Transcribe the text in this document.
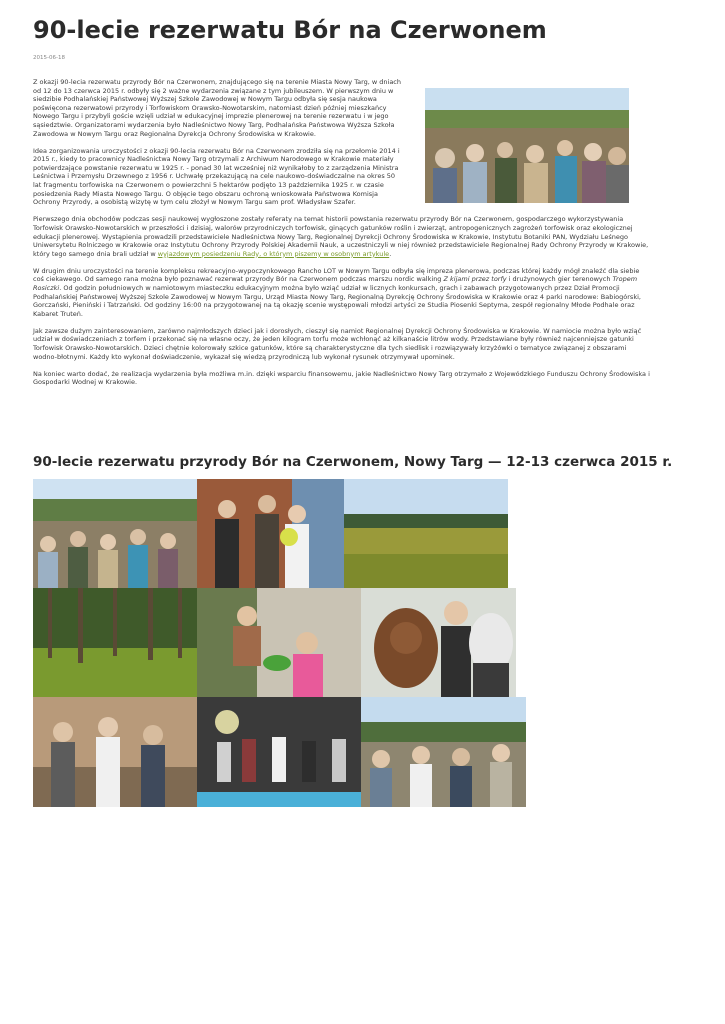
90-lecie rezerwatu Bór na Czerwonem
2015-06-18

Z okazji 90-lecia rezerwatu przyrody Bór na Czerwonem, znajdującego się na terenie Miasta Nowy Targ, w dniach od 12 do 13 czerwca 2015 r. odbyły się 2 ważne wydarzenia związane z tym jubileuszem. W pierwszym dniu w siedzibie Podhalańskiej Państwowej Wyższej Szkole Zawodowej w Nowym Targu odbyła się sesja naukowa poświęcona rezerwatowi przyrody i Torfowiskom Orawsko-Nowotarskim, natomiast dzień później mieszkańcy Nowego Targu i przybyli goście wzięli udział w edukacyjnej imprezie plenerowej na terenie rezerwatu i w jego sąsiedztwie. Organizatorami wydarzenia było Nadleśnictwo Nowy Targ, Podhalańska Państwowa Wyższa Szkoła Zawodowa w Nowym Targu oraz Regionalna Dyrekcja Ochrony Środowiska w Krakowie.

Idea zorganizowania uroczystości z okazji 90-lecia rezerwatu Bór na Czerwonem zrodziła się na przełomie 2014 i 2015 r., kiedy to pracownicy Nadleśnictwa Nowy Targ otrzymali z Archiwum Narodowego w Krakowie materiały potwierdzające powstanie rezerwatu w 1925 r. - ponad 30 lat wcześniej niż wynikałoby to z zarządzenia Ministra Leśnictwa i Przemysłu Drzewnego z 1956 r. Uchwałę przekazującą na cele naukowo-doświadczalne na okres 50 lat fragmentu torfowiska na Czerwonem o powierzchni 5 hektarów podjęto 13 października 1925 r. w czasie posiedzenia Rady Miasta Nowego Targu. O objęcie tego obszaru ochroną wnioskowała Państwowa Komisja Ochrony Przyrody, a osobistą wizytę w tym celu złożył w Nowym Targu sam prof. Władysław Szafer.

Pierwszego dnia obchodów podczas sesji naukowej wygłoszone zostały referaty na temat historii powstania rezerwatu przyrody Bór na Czerwonem, gospodarczego wykorzystywania Torfowisk Orawsko-Nowotarskich w przeszłości i dzisiaj, walorów przyrodniczych torfowisk, ginących gatunków roślin i zwierząt, antropogenicznych zagrożeń torfowisk oraz ekologicznej edukacji plenerowej. Wystąpienia prowadzili przedstawiciele Nadleśnictwa Nowy Targ, Regionalnej Dyrekcji Ochrony Środowiska w Krakowie, Instytutu Botaniki PAN, Wydziału Leśnego Uniwersytetu Rolniczego w Krakowie oraz Instytutu Ochrony Przyrody Polskiej Akademii Nauk, a uczestniczyli w niej również przedstawiciele Regionalnej Rady Ochrony Przyrody w Krakowie, który tego samego dnia brali udział w wyjazdowym posiedzeniu Rady, o którym piszemy w osobnym artykule.

W drugim dniu uroczystości na terenie kompleksu rekreacyjno-wypoczynkowego Rancho LOT w Nowym Targu odbyła się impreza plenerowa, podczas której każdy mógł znaleźć dla siebie coś ciekawego. Od samego rana można było poznawać rezerwat przyrody Bór na Czerwonem podczas marszu nordic walking Z kijami przez torfy i drużynowych gier terenowych Tropem Rosiczki. Od godzin południowych w namiotowym miasteczku edukacyjnym można było wziąć udział w licznych konkursach, grach i zabawach przygotowanych przez Dział Promocji Podhalańskiej Państwowej Wyższej Szkole Zawodowej w Nowym Targu, Urząd Miasta Nowy Targ, Regionalną Dyrekcję Ochrony Środowiska w Krakowie oraz 4 parki narodowe: Babiogórski, Gorczański, Pieniński i Tatrzański. Od godziny 16:00 na przygotowanej na tą okazję scenie występowali młodzi artyści ze Studia Piosenki Septyma, zespół regionalny Młode Podhale oraz Kabaret Truteń.

Jak zawsze dużym zainteresowaniem, zarówno najmłodszych dzieci jak i dorosłych, cieszył się namiot Regionalnej Dyrekcji Ochrony Środowiska w Krakowie. W namiocie można było wziąć udział w doświadczeniach z torfem i przekonać się na własne oczy, że jeden kilogram torfu może wchłonąć aż kilkanaście litrów wody. Przedstawiane były również najcenniejsze gatunki Torfowisk Orawsko-Nowotarskich. Dzieci chętnie kolorowały szkice gatunków, które są charakterystyczne dla tych siedlisk i rozwiązywały krzyżówki o tematyce związanej z obszarami wodno-błotnymi. Każdy kto wykonał doświadczenie, wykazał się wiedzą przyrodniczą lub wykonał rysunek otrzymywał upominek.

Na koniec warto dodać, że realizacja wydarzenia była możliwa m.in. dzięki wsparciu finansowemu, jakie Nadleśnictwo Nowy Targ otrzymało z Wojewódzkiego Funduszu Ochrony Środowiska i Gospodarki Wodnej w Krakowie.

90-lecie rezerwatu przyrody Bór na Czerwonem, Nowy Targ — 12-13 czerwca 2015 r.
